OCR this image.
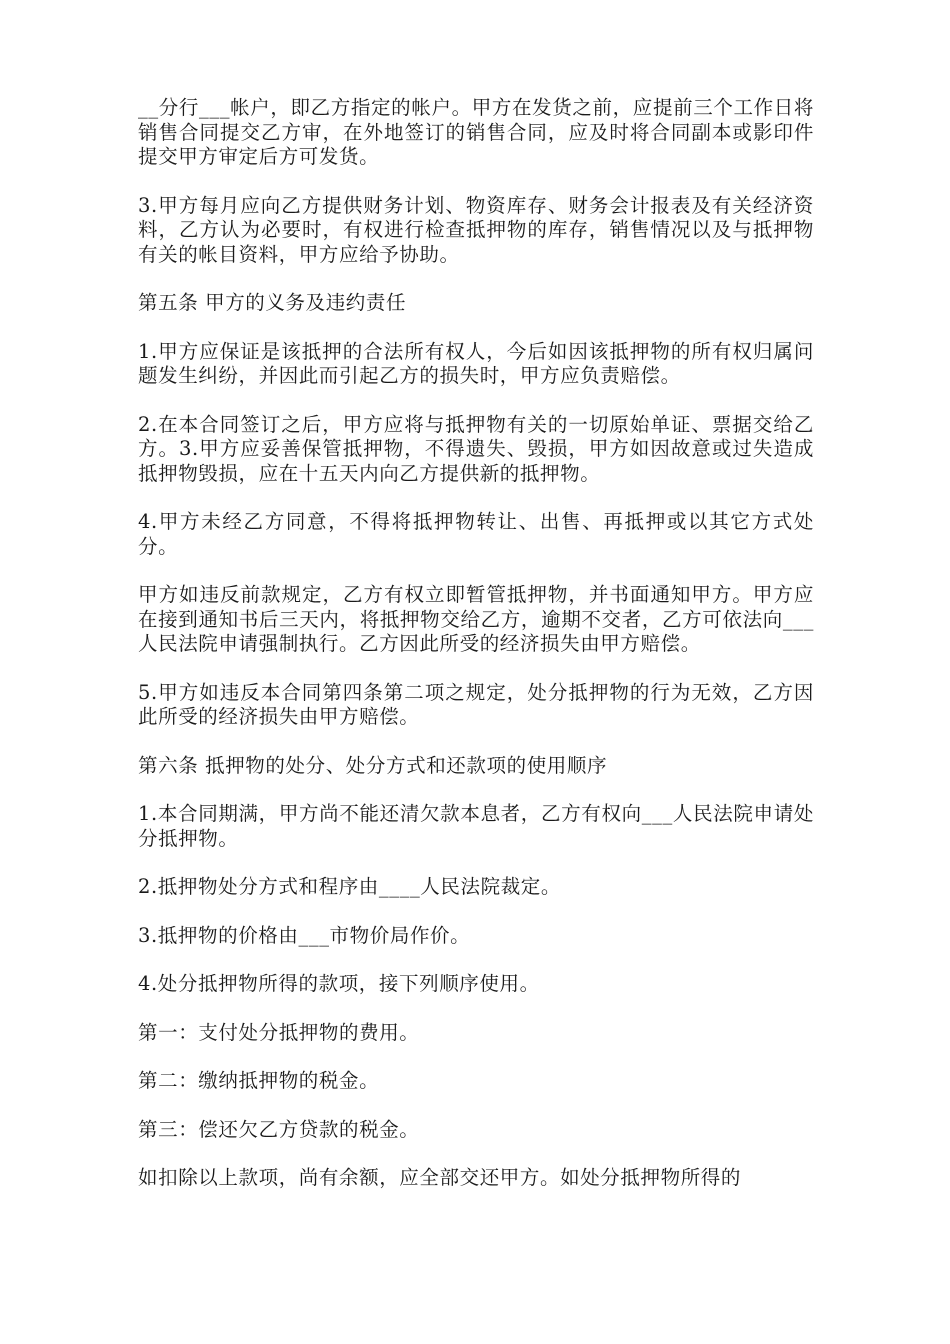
__分行___帐户，即乙方指定的帐户。甲方在发货之前，应提前三个工作日将销售合同提交乙方审，在外地签订的销售合同，应及时将合同副本或影印件提交甲方审定后方可发货。

3.甲方每月应向乙方提供财务计划、物资库存、财务会计报表及有关经济资料，乙方认为必要时，有权进行检查抵押物的库存，销售情况以及与抵押物有关的帐目资料，甲方应给予协助。

第五条 甲方的义务及违约责任

1.甲方应保证是该抵押的合法所有权人，今后如因该抵押物的所有权归属问题发生纠纷，并因此而引起乙方的损失时，甲方应负责赔偿。

2.在本合同签订之后，甲方应将与抵押物有关的一切原始单证、票据交给乙方。3.甲方应妥善保管抵押物，不得遗失、毁损，甲方如因故意或过失造成抵押物毁损，应在十五天内向乙方提供新的抵押物。

4.甲方未经乙方同意，不得将抵押物转让、出售、再抵押或以其它方式处分。

甲方如违反前款规定，乙方有权立即暂管抵押物，并书面通知甲方。甲方应在接到通知书后三天内，将抵押物交给乙方，逾期不交者，乙方可依法向___人民法院申请强制执行。乙方因此所受的经济损失由甲方赔偿。

5.甲方如违反本合同第四条第二项之规定，处分抵押物的行为无效，乙方因此所受的经济损失由甲方赔偿。

第六条 抵押物的处分、处分方式和还款项的使用顺序

1.本合同期满，甲方尚不能还清欠款本息者，乙方有权向___人民法院申请处分抵押物。

2.抵押物处分方式和程序由____人民法院裁定。

3.抵押物的价格由___市物价局作价。

4.处分抵押物所得的款项，接下列顺序使用。

第一：支付处分抵押物的费用。

第二：缴纳抵押物的税金。

第三：偿还欠乙方贷款的税金。

如扣除以上款项，尚有余额，应全部交还甲方。如处分抵押物所得的
